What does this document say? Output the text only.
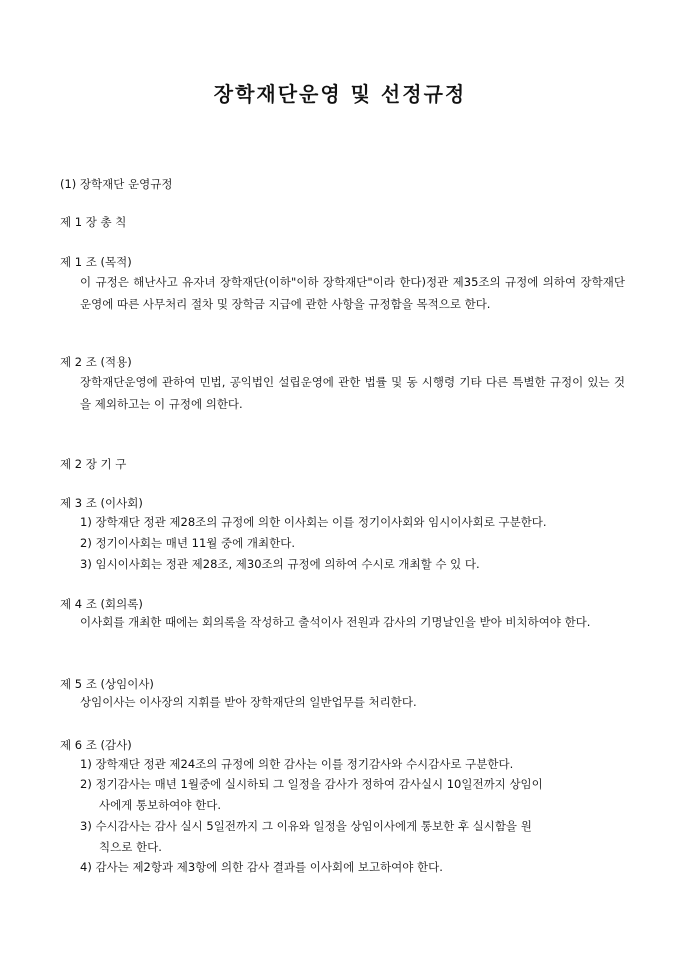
장학재단운영 및 선정규정
(1) 장학재단 운영규정
제 1 장 총 칙
제 1 조 (목적)
이 규정은 해난사고 유자녀 장학재단(이하"이하 장학재단"이라 한다)정관 제35조의 규정에 의하여 장학재단운영에 따른 사무처리 절차 및 장학금 지급에 관한 사항을 규정함을 목적으로 한다.
제 2 조 (적용)
장학재단운영에 관하여 민법, 공익법인 설립운영에 관한 법률 및 동 시행령 기타 다른 특별한 규정이 있는 것을 제외하고는 이 규정에 의한다.
제 2 장 기 구
제 3 조 (이사회)
1) 장학재단 정관 제28조의 규정에 의한 이사회는 이를 정기이사회와 임시이사회로 구분한다.
2) 정기이사회는 매년 11월 중에 개최한다.
3) 임시이사회는 정관 제28조, 제30조의 규정에 의하여 수시로 개최할 수 있 다.
제 4 조 (회의록)
이사회를 개최한 때에는 회의록을 작성하고 출석이사 전원과 감사의 기명날인을 받아 비치하여야 한다.
제 5 조 (상임이사)
상임이사는 이사장의 지휘를 받아 장학재단의 일반업무를 처리한다.
제 6 조 (감사)
1) 장학재단 정관 제24조의 규정에 의한 감사는 이를 정기감사와 수시감사로 구분한다.
2) 정기감사는 매년 1월중에 실시하되 그 일정을 감사가 정하여 감사실시 10일전까지 상임이
사에게 통보하여야 한다.
3) 수시감사는 감사 실시 5일전까지 그 이유와 일정을 상임이사에게 통보한 후 실시함을 원
칙으로 한다.
4) 감사는 제2항과 제3항에 의한 감사 결과를 이사회에 보고하여야 한다.
